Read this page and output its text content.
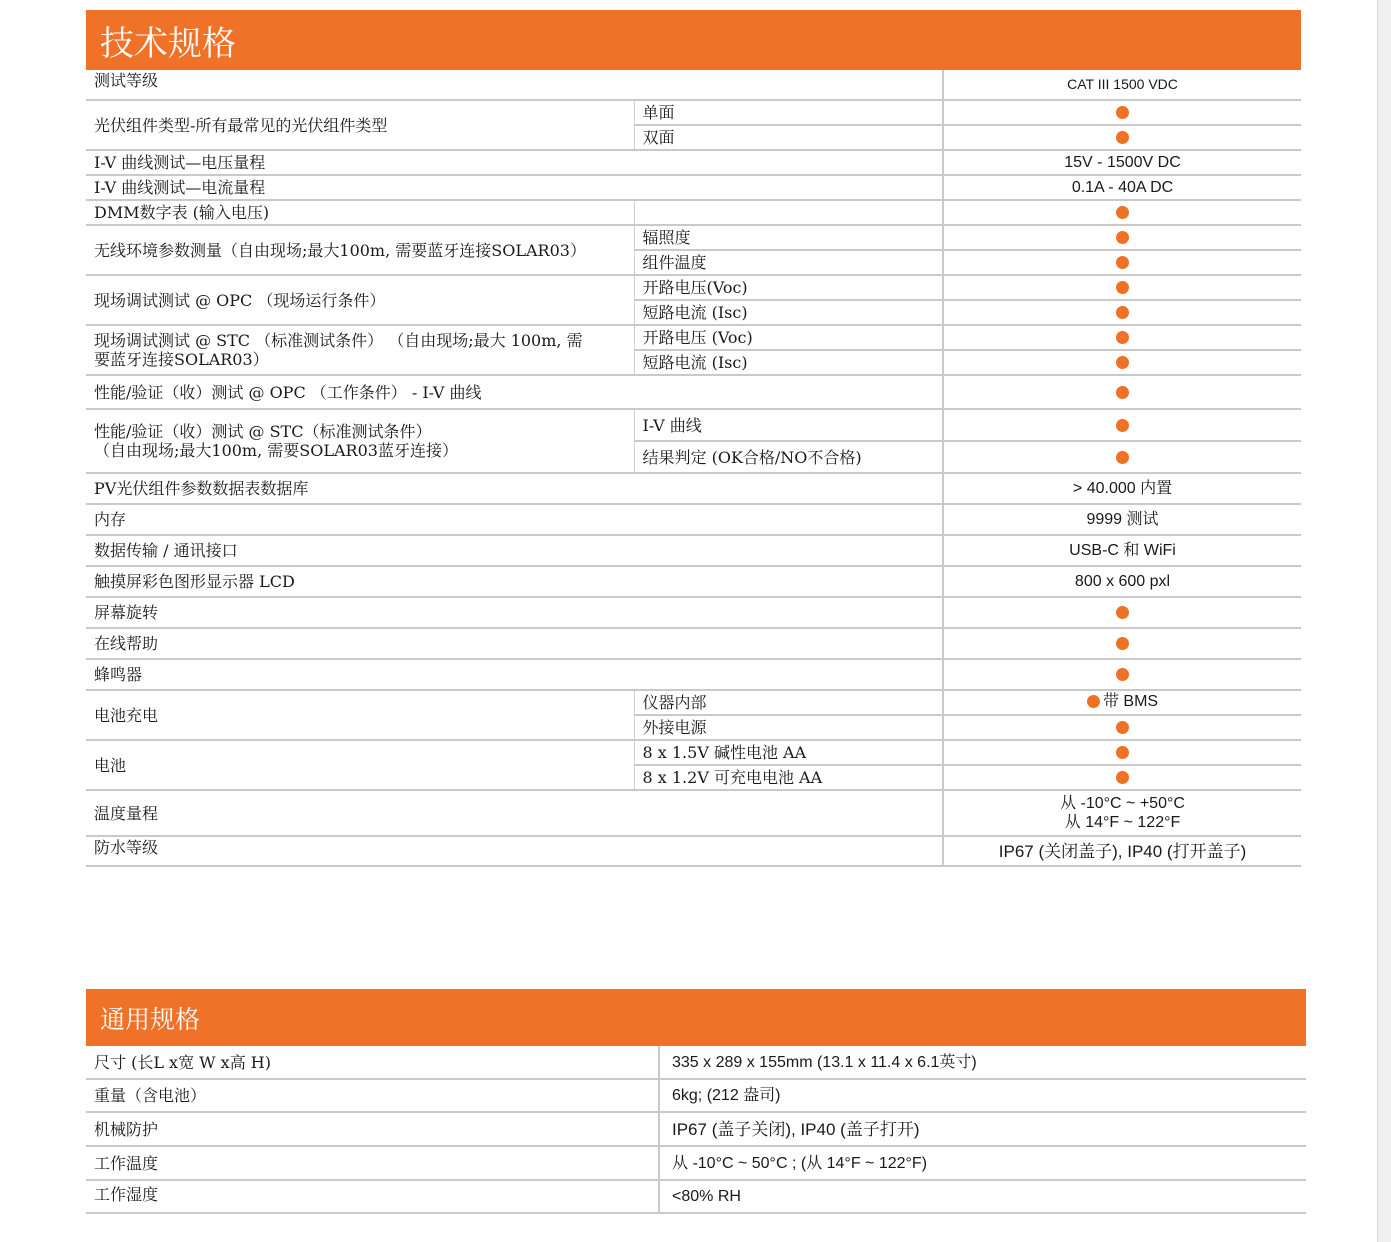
技术规格
测试等级		CAT III 1500 VDC
光伏组件类型-所有最常见的光伏组件类型	单面	
	双面	
I-V 曲线测试—电压量程		15V - 1500V DC
I-V 曲线测试—电流量程		0.1A - 40A DC
DMM数字表 (输入电压)		
无线环境参数测量（自由现场;最大100m, 需要蓝牙连接SOLAR03）	辐照度	
	组件温度	
现场调试测试 @ OPC （现场运行条件）	开路电压(Voc)	
	短路电流 (Isc)	

现场调试测试 @ STC （标准测试条件） （自由现场;最大 100m, 需
要蓝牙连接SOLAR03）	开路电压 (Voc)	
	短路电流 (Isc)	
性能/验证（收）测试 @ OPC （工作条件） - I-V 曲线		

性能/验证（收）测试 @ STC（标准测试条件）
（自由现场;最大100m, 需要SOLAR03蓝牙连接）	I-V 曲线	
	结果判定 (OK合格/NO不合格)	
PV光伏组件参数数据表数据库		> 40.000 内置
内存		9999 测试
数据传输 / 通讯接口		USB-C 和 WiFi
触摸屏彩色图形显示器 LCD		800 x 600 pxl
屏幕旋转		
在线帮助		
蜂鸣器		
电池充电	仪器内部	带 BMS

	外接电源	
电池	8 x 1.5V 碱性电池 AA	
	8 x 1.2V 可充电电池 AA	
温度量程		从 -10°C ~ +50°C
从 14°F ~ 122°F

防水等级		IP67 (关闭盖子), IP40 (打开盖子)
通用规格
尺寸 (长L x宽 W x高 H)	335 x 289 x 155mm (13.1 x 11.4 x 6.1英寸)
重量（含电池）	6kg; (212 盎司)
机械防护	IP67 (盖子关闭), IP40 (盖子打开)
工作温度	从 -10°C ~ 50°C ; (从 14°F ~ 122°F)
工作湿度	<80% RH
